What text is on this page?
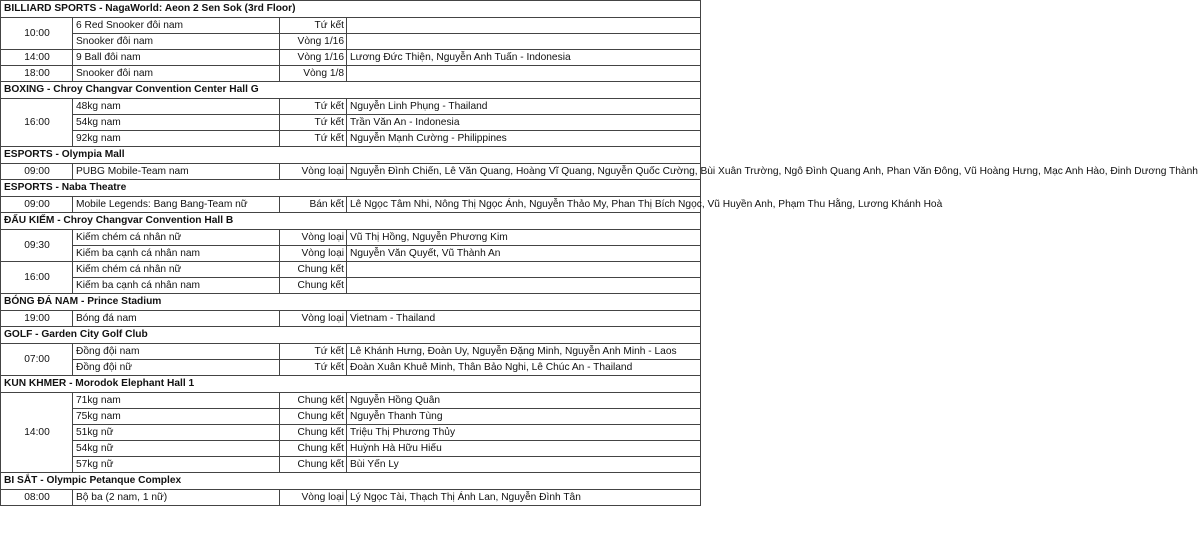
BILLIARD SPORTS - NagaWorld: Aeon 2 Sen Sok (3rd Floor)			
10:00	6 Red Snooker đôi nam	Tứ kết	
	Snooker đôi nam	Vòng 1/16	
14:00	9 Ball đôi nam	Vòng 1/16	Lương Đức Thiện, Nguyễn Anh Tuấn - Indonesia
18:00	Snooker đôi nam	Vòng 1/8	
BOXING - Chroy Changvar Convention Center Hall G			
16:00	48kg nam	Tứ kết	Nguyễn Linh Phụng - Thailand
	54kg nam	Tứ kết	Trần Văn An - Indonesia
	92kg nam	Tứ kết	Nguyễn Mạnh Cường - Philippines
ESPORTS - Olympia Mall			
09:00	PUBG Mobile-Team nam	Vòng loại	Nguyễn Đình Chiến, Lê Văn Quang, Hoàng Vĩ Quang, Nguyễn Quốc Cường, Bùi Xuân Trường, Ngô Đình Quang Anh, Phan Văn Đông, Vũ Hoàng Hưng, Mạc Anh Hào, Đinh Dương Thành
ESPORTS - Naba Theatre			
09:00	Mobile Legends: Bang Bang-Team nữ	Bán kết	Lê Ngọc Tâm Nhi, Nông Thị Ngọc Ánh, Nguyễn Thảo My, Phan Thị Bích Ngọc, Vũ Huyền Anh, Phạm Thu Hằng, Lương Khánh Hoà
ĐẤU KIẾM - Chroy Changvar Convention Hall B			
09:30	Kiếm chém cá nhân nữ	Vòng loại	Vũ Thị Hồng, Nguyễn Phương Kim
	Kiếm ba cạnh cá nhân nam	Vòng loại	Nguyễn Văn Quyết, Vũ Thành An
16:00	Kiếm chém cá nhân nữ	Chung kết	
	Kiếm ba cạnh cá nhân nam	Chung kết	
BÓNG ĐÁ NAM - Prince Stadium			
19:00	Bóng đá nam	Vòng loại	Vietnam - Thailand
GOLF - Garden City Golf Club			
07:00	Đồng đội nam	Tứ kết	Lê Khánh Hưng, Đoàn Uy, Nguyễn Đặng Minh, Nguyễn Anh Minh - Laos
	Đồng đội nữ	Tứ kết	Đoàn Xuân Khuê Minh, Thân Bảo Nghi, Lê Chúc An - Thailand
KUN KHMER - Morodok Elephant Hall 1			
14:00	71kg nam	Chung kết	Nguyễn Hồng Quân
	75kg nam	Chung kết	Nguyễn Thanh Tùng
	51kg nữ	Chung kết	Triệu Thị Phương Thủy
	54kg nữ	Chung kết	Huỳnh Hà Hữu Hiếu
	57kg nữ	Chung kết	Bùi Yến Ly
BI SẮT - Olympic Petanque Complex			
08:00	Bộ ba (2 nam, 1 nữ)	Vòng loại	Lý Ngọc Tài, Thạch Thị Ánh Lan, Nguyễn Đình Tân
